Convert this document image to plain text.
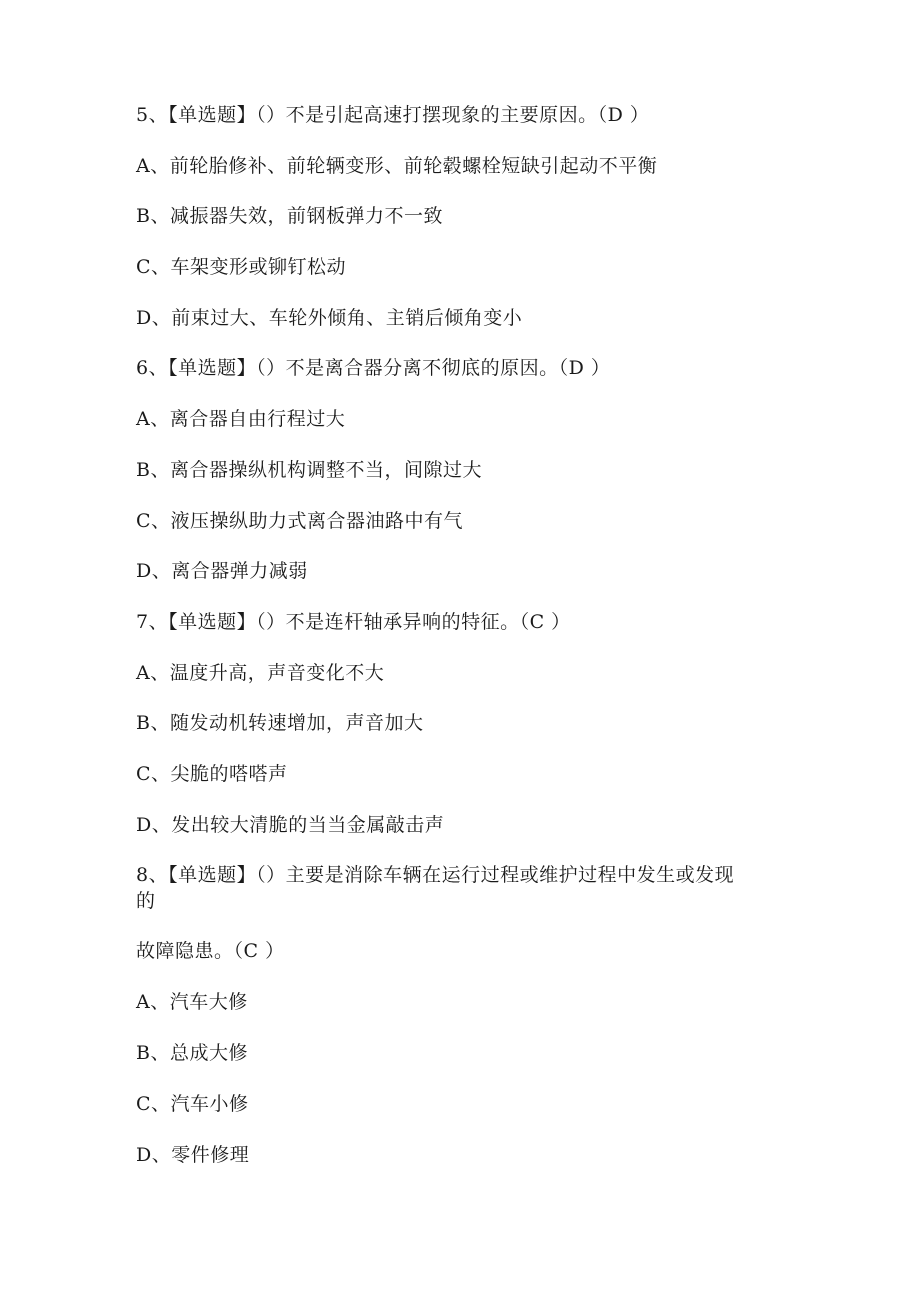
5、【单选题】（）不是引起高速打摆现象的主要原因。（D ）
A、前轮胎修补、前轮辆变形、前轮毂螺栓短缺引起动不平衡
B、减振器失效，前钢板弹力不一致
C、车架变形或铆钉松动
D、前束过大、车轮外倾角、主销后倾角变小
6、【单选题】（）不是离合器分离不彻底的原因。（D ）
A、离合器自由行程过大
B、离合器操纵机构调整不当，间隙过大
C、液压操纵助力式离合器油路中有气
D、离合器弹力减弱
7、【单选题】（）不是连杆轴承异响的特征。（C ）
A、温度升高，声音变化不大
B、随发动机转速增加，声音加大
C、尖脆的嗒嗒声
D、发出较大清脆的当当金属敲击声
8、【单选题】（）主要是消除车辆在运行过程或维护过程中发生或发现
的
故障隐患。（C ）
A、汽车大修
B、总成大修
C、汽车小修
D、零件修理
